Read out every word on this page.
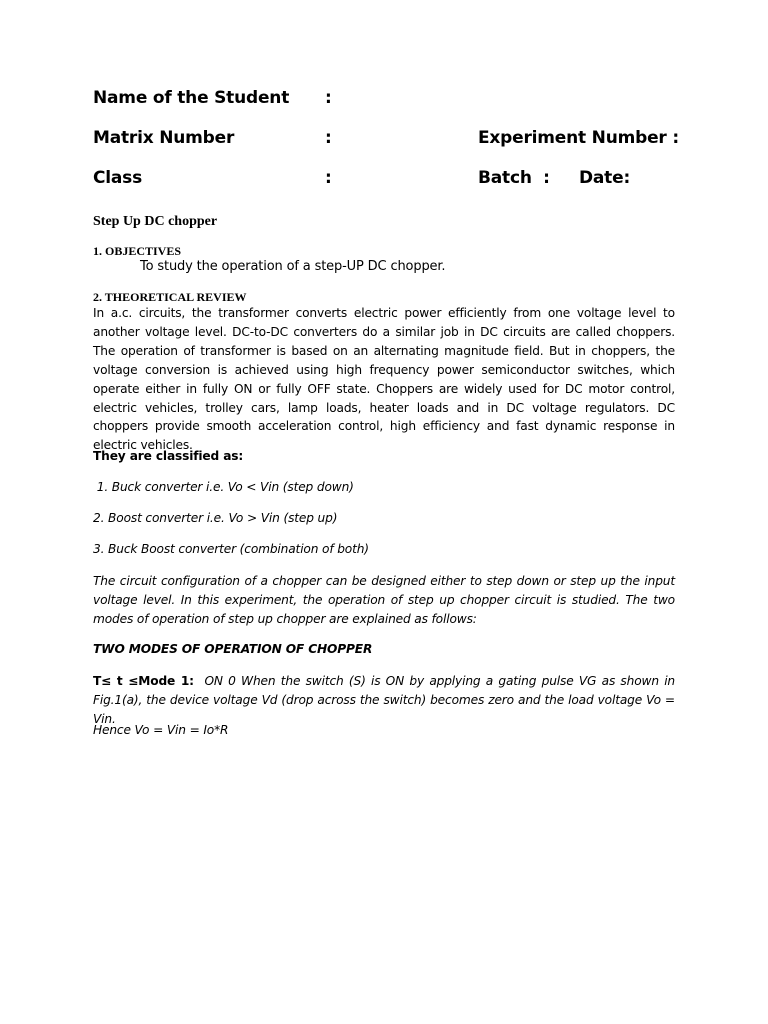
Name of the Student :
Matrix Number	:	Experiment Number :
Class	:	Batch  : Date:
Step Up DC chopper
1. OBJECTIVES
To study the operation of a step-UP DC chopper.
2. THEORETICAL REVIEW
In a.c. circuits, the transformer converts electric power efficiently from one voltage level to another voltage level. DC-to-DC converters do a similar job in DC circuits are called choppers. The operation of transformer is based on an alternating magnitude field. But in choppers, the voltage conversion is achieved using high frequency power semiconductor switches, which operate either in fully ON or fully OFF state. Choppers are widely used for DC motor control, electric vehicles, trolley cars, lamp loads, heater loads and in DC voltage regulators. DC choppers provide smooth acceleration control, high efficiency and fast dynamic response in electric vehicles.
They are classified as:
1. Buck converter i.e. Vo < Vin (step down)
2. Boost converter i.e. Vo > Vin (step up)
3. Buck Boost converter (combination of both)
The circuit configuration of a chopper can be designed either to step down or step up the input voltage level. In this experiment, the operation of step up chopper circuit is studied. The two modes of operation of step up chopper are explained as follows:
TWO MODES OF OPERATION OF CHOPPER
T≤ t ≤Mode 1: ON 0 When the switch (S) is ON by applying a gating pulse VG as shown in Fig.1(a), the device voltage Vd (drop across the switch) becomes zero and the load voltage Vo = Vin.
Hence Vo = Vin = Io*R
